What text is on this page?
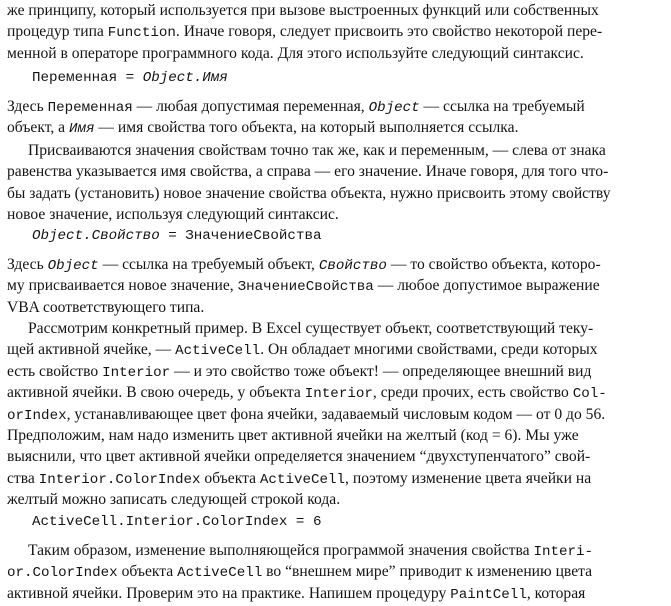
же принципу, который используется при вызове выстроенных функций или собственных
процедур типа Function. Иначе говоря, следует присвоить это свойство некоторой пере-
менной в операторе программного кода. Для этого используйте следующий синтаксис.
Переменная = Object.Имя
Здесь Переменная — любая допустимая переменная, Object — ссылка на требуемый
объект, а Имя — имя свойства того объекта, на который выполняется ссылка.
Присваиваются значения свойствам точно так же, как и переменным, — слева от знака
равенства указывается имя свойства, а справа — его значение. Иначе говоря, для того что-
бы задать (установить) новое значение свойства объекта, нужно присвоить этому свойству
новое значение, используя следующий синтаксис.
Object.Свойство = ЗначениеСвойства
Здесь Object — ссылка на требуемый объект, Свойство — то свойство объекта, которо-
му присваивается новое значение, ЗначениеСвойства — любое допустимое выражение
VBA соответствующего типа.
Рассмотрим конкретный пример. В Excel существует объект, соответствующий теку-
щей активной ячейке, — ActiveCell. Он обладает многими свойствами, среди которых
есть свойство Interior — и это свойство тоже объект! — определяющее внешний вид
активной ячейки. В свою очередь, у объекта Interior, среди прочих, есть свойство Col-
orIndex, устанавливающее цвет фона ячейки, задаваемый числовым кодом — от 0 до 56.
Предположим, нам надо изменить цвет активной ячейки на желтый (код = 6). Мы уже
выяснили, что цвет активной ячейки определяется значением “двухступенчатого” свой-
ства Interior.ColorIndex объекта ActiveCell, поэтому изменение цвета ячейки на
желтый можно записать следующей строкой кода.
ActiveCell.Interior.ColorIndex = 6
Таким образом, изменение выполняющейся программой значения свойства Interi-
or.ColorIndex объекта ActiveCell во “внешнем мире” приводит к изменению цвета
активной ячейки. Проверим это на практике. Напишем процедуру PaintCell, которая
